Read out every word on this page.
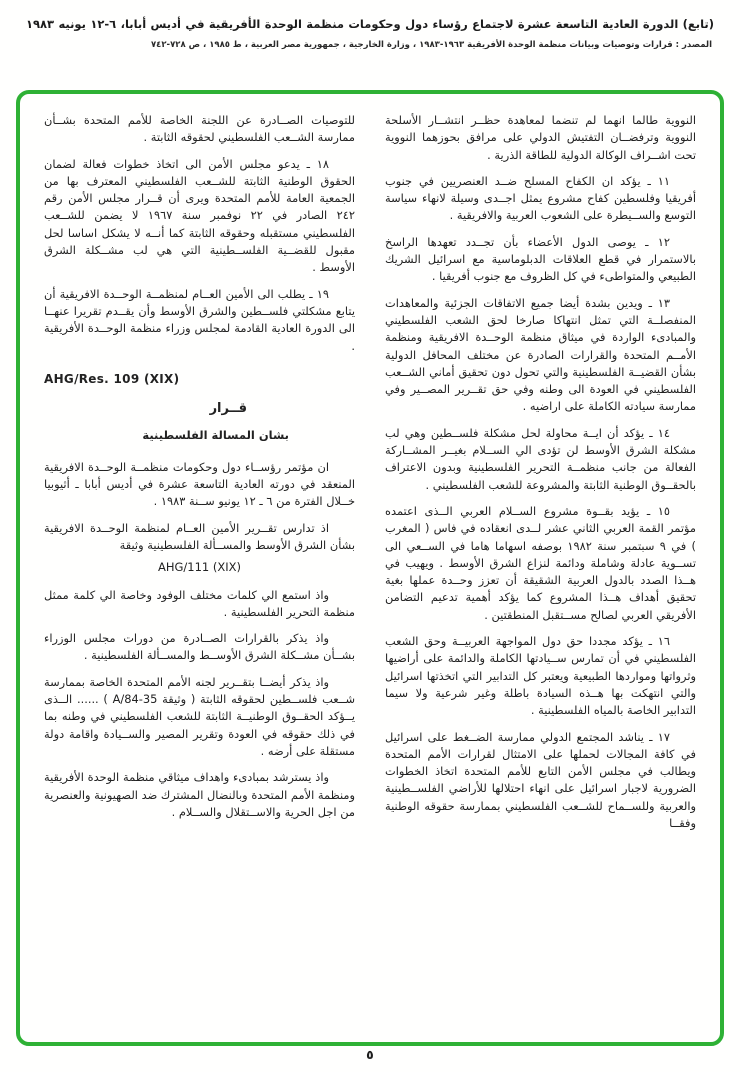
(تابع) الدورة العادية التاسعة عشرة لاجتماع رؤساء دول وحكومات منظمة الوحدة الأفريقية في أديس أبابا، ٦-١٢ يونيه ١٩٨٣
المصدر : قرارات وتوصيات وبيانات منظمة الوحدة الأفريقية ١٩٦٣-١٩٨٣ ، وزارة الخارجية ، جمهورية مصر العربية ، ط ١٩٨٥ ، ص ٧٢٨-٧٤٢

النووية طالما انهما لم تنضما لمعاهدة حظــر انتشــار الأسلحة النووية وترفضــان التفتيش الدولي على مرافق بحوزهما النووية تحت اشــراف الوكالة الدولية للطاقة الذرية .

١١ ـ يؤكد ان الكفاح المسلح ضــد العنصريين في جنوب أفريقيا وفلسطين كفاح مشروع يمثل اجــدى وسيلة لانهاء سياسة التوسع والســيطرة على الشعوب العربية والافريقية .

١٢ ـ يوصى الدول الأعضاء بأن تجــدد تعهدها الراسخ بالاستمرار في قطع العلاقات الدبلوماسية مع اسرائيل الشريك الطبيعي والمتواطىء في كل الظروف مع جنوب أفريقيا .

١٣ ـ ويدين بشدة أيضا جميع الاتفاقات الجزئية والمعاهدات المنفصلــة التي تمثل انتهاكا صارخا لحق الشعب الفلسطيني والمبادىء الواردة في ميثاق منظمة الوحــدة الافريقية ومنظمة الأمــم المتحدة والقرارات الصادرة عن مختلف المحافل الدولية بشأن القضيــة الفلسطينية والتي تحول دون تحقيق أماني الشــعب الفلسطيني في العودة الى وطنه وفي حق تقــرير المصــير وفي ممارسة سيادته الكاملة على اراضيه .

١٤ ـ يؤكد أن ايــة محاولة لحل مشكلة فلســطين وهي لب مشكلة الشرق الأوسط لن تؤدى الي الســلام بغيــر المشــاركة الفعالة من جانب منظمــة التحرير الفلسطينية وبدون الاعتراف بالحقــوق الوطنية الثابتة والمشروعة للشعب الفلسطيني .

١٥ ـ يؤيد بقــوة مشروع الســلام العربي الــذى اعتمده مؤتمر القمة العربي الثاني عشر لــدى انعقاده في فاس ( المغرب ) في ٩ سبتمبر سنة ١٩٨٢ بوصفه اسهاما هاما في الســعي الى تســوية عادلة وشاملة ودائمة لنزاع الشرق الأوسط . ويهيب في هــذا الصدد بالدول العربية الشقيقة أن تعزز وحــدة عملها بغية تحقيق أهداف هــذا المشروع كما يؤكد أهمية تدعيم التضامن الأفريقي العربي لصالح مســتقبل المنطقتين .

١٦ ـ يؤكد مجددا حق دول المواجهة العربيــة وحق الشعب الفلسطيني في أن تمارس ســيادتها الكاملة والدائمة على أراضيها وثرواتها ومواردها الطبيعية ويعتبر كل التدابير التي اتخذتها اسرائيل والتي انتهكت بها هــذه السيادة باطلة وغير شرعية ولا سيما التدابير الخاصة بالمياه الفلسطينية .

١٧ ـ يناشد المجتمع الدولي ممارسة الضــغط على اسرائيل في كافة المجالات لحملها على الامتثال لقرارات الأمم المتحدة ويطالب في مجلس الأمن التابع للأمم المتحدة اتخاذ الخطوات الضرورية لاجبار اسرائيل على انهاء احتلالها للأراضي الفلســطينية والعربية وللســماح للشــعب الفلسطيني بممارسة حقوقه الوطنية وفقــا

للتوصيات الصــادرة عن اللجنة الخاصة للأمم المتحدة بشــأن ممارسة الشــعب الفلسطيني لحقوقه الثابتة .

١٨ ـ يدعو مجلس الأمن الى اتخاذ خطوات فعالة لضمان الحقوق الوطنية الثابتة للشــعب الفلسطيني المعترف بها من الجمعية العامة للأمم المتحدة ويرى أن قــرار مجلس الأمن رقم ٢٤٢ الصادر في ٢٢ نوفمبر سنة ١٩٦٧ لا يضمن للشــعب الفلسطيني مستقبله وحقوقه الثابتة كما أنــه لا يشكل اساسا لحل مقبول للقضــية الفلســطينية التي هي لب مشــكلة الشرق الأوسط .

١٩ ـ يطلب الى الأمين العــام لمنظمــة الوحــدة الافريقية أن يتابع مشكلتي فلســطين والشرق الأوسط وأن يقــدم تقريرا عنهــا الى الدورة العادية القادمة لمجلس وزراء منظمة الوحــدة الأفريقية .

AHG/Res. 109 (XIX)
قــرار
بشان المسالة الفلسطينية

ان مؤتمر رؤســاء دول وحكومات منظمــة الوحــدة الافريقية المنعقد في دورته العادية التاسعة عشرة في أديس أبابا ـ أثيوبيا خــلال الفترة من ٦ ـ ١٢ يونيو ســنة ١٩٨٣ .

اذ تدارس تقــرير الأمين العــام لمنظمة الوحــدة الافريقية بشأن الشرق الأوسط والمســألة الفلسطينية وثيقة

AHG/111 (XIX)

واذ استمع الي كلمات مختلف الوفود وخاصة الي كلمة ممثل منظمة التحرير الفلسطينية .

واذ يذكر بالقرارات الصــادرة من دورات مجلس الوزراء بشــأن مشــكلة الشرق الأوســط والمســألة الفلسطينية .

واذ يذكر أيضــا بتقــرير لجنه الأمم المتحدة الخاصة بممارسة شــعب فلســطين لحقوقه الثابتة ( وثيقة A/84-35 ) ...... الــذى يــؤكد الحقــوق الوطنيــة الثابتة للشعب الفلسطيني في وطنه بما في ذلك حقوقه في العودة وتقرير المصير والســيادة واقامة دولة مستقلة على أرضه .

واذ يسترشد بمبادىء واهداف ميثاقي منظمة الوحدة الأفريقية ومنظمة الأمم المتحدة وبالنضال المشترك ضد الصهيونية والعنصرية من اجل الحرية والاســتقلال والســلام .

٥
